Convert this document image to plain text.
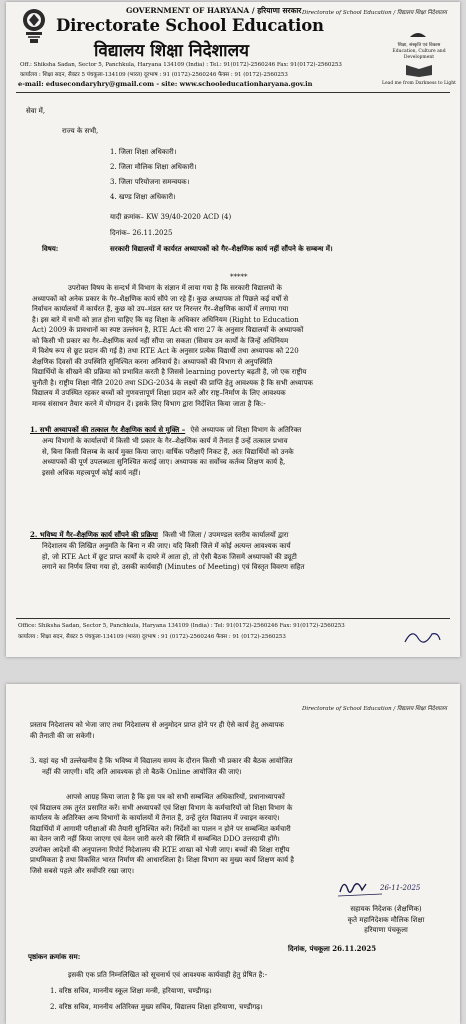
GOVERNMENT OF HARYANA / हरियाणा सरकार Directorate of School Education / विद्यालय शिक्षा निदेशालय
Directorate School Education
विद्यालय शिक्षा निदेशालय	शिक्षा, संस्कृति एवं विकास
Education, Culture and Development
Lead me from Darkness to Light
Off.: Shiksha Sadan, Sector 5, Panchkula, Haryana 134109 (India) : Tel.: 91(0172)-2560246 Fax: 91(0172)-2560253
कार्यालय : शिक्षा सदन, सैक्टर 5 पंचकूला-134109 (भारत) दूरभाष : 91 (0172)-2560246 फैक्स : 91 (0172)-2560253
e-mail: edusecondaryhry@gmail.com - site: www.schooleducationharyana.gov.in
सेवा में,
राज्य के सभी,
1. जिला शिक्षा अधिकारी।
2. जिला मौलिक शिक्षा अधिकारी।
3. जिला परियोजना समन्वयक।
4. खण्ड शिक्षा अधिकारी।
यादी क्रमांक– KW 39/40-2020 ACD (4)
दिनांक– 26.11.2025
विषय:	सरकारी विद्यालयों में कार्यरत अध्यापकों को गैर–शैक्षणिक कार्य नहीं सौंपने के सम्बन्ध में।
*****
उपरोक्त विषय के सन्दर्भ में विभाग के संज्ञान में लाया गया है कि सरकारी विद्यालयों के
अध्यापकों को अनेक प्रकार के गैर–शैक्षणिक कार्य सौंपे जा रहे हैं। कुछ अध्यापक तो पिछले कई वर्षों से
निर्वाचन कार्यालयों में कार्यरत हैं, कुछ को उप–मंडल स्तर पर निरन्तर गैर–शैक्षणिक कार्यों में लगाया गया
है। इस बारे में सभी को ज्ञात होना चाहिए कि यह शिक्षा के अधिकार अधिनियम (Right to Education
Act) 2009 के प्रावधानों का स्पष्ट उल्लंघन है, RTE Act की धारा 27 के अनुसार विद्यालयों के अध्यापकों
को किसी भी प्रकार का गैर–शैक्षणिक कार्य नहीं सौंपा जा सकता (सिवाय उन कार्यों के जिन्हें अधिनियम
में विशेष रूप से छूट प्रदान की गई है) तथा RTE Act के अनुसार प्रत्येक विद्यार्थी तथा अध्यापक को 220
शैक्षणिक दिवसों की उपस्थिति सुनिश्चित करना अनिवार्य है। अध्यापकों की विभाग से अनुपस्थिति
विद्यार्थियों के सीखने की प्रक्रिया को प्रभावित करती है जिससे learning poverty बढ़ती है, जो एक राष्ट्रीय
चुनौती है। राष्ट्रीय शिक्षा नीति 2020 तथा SDG-2034 के लक्ष्यों की प्राप्ति हेतु आवश्यक है कि सभी अध्यापक
विद्यालय में उपस्थित रहकर बच्चों को गुणवत्तापूर्ण शिक्षा प्रदान करें और राष्ट्र–निर्माण के लिए आवश्यक
मानव संसाधन तैयार करने में योगदान दें। इसके लिए विभाग द्वारा निर्देशित किया जाता है कि:-
1. सभी अध्यापकों की तत्काल गैर शैक्षणिक कार्य से मुक्ति – ऐसे अध्यापक जो शिक्षा विभाग के अतिरिक्त
अन्य विभागों के कार्यालयों में किसी भी प्रकार के गैर–शैक्षणिक कार्य में तैनात हैं उन्हें तत्काल प्रभाव
से, बिना किसी विलम्ब के कार्य मुक्त किया जाए। वार्षिक परीक्षाएँ निकट हैं, अतः विद्यार्थियों को उनके
अध्यापकों की पूर्ण उपलब्धता सुनिश्चित कराई जाए। अध्यापक का सर्वोच्च कर्तव्य शिक्षण कार्य है,
इससे अधिक महत्त्वपूर्ण कोई कार्य नहीं।
2. भविष्य में गैर–शैक्षणिक कार्य सौंपने की प्रक्रिया किसी भी जिला / उपमण्डल स्तरीय कार्यालयों द्वारा
निदेशालय की लिखित अनुमति के बिना न की जाए। यदि किसी जिले में कोई अत्यन्त आवश्यक कार्य
हो, जो RTE Act में छूट प्राप्त कार्यों के दायरे में आता हो, तो ऐसी बैठक जिसमें अध्यापकों की ड्यूटी
लगाने का निर्णय लिया गया हो, उसकी कार्यवाही (Minutes of Meeting) एवं विस्तृत विवरण सहित
Office: Shiksha Sadan, Sector 5, Panchkula, Haryana 134109 (India) : Tel: 91(0172)-2560246 Fax: 91(0172)-2560253
कार्यालय : शिक्षा सदन, सैक्टर 5 पंचकूला-134109 (भारत) दूरभाष : 91 (0172)-2560246 फैक्स : 91 (0172)-2560253
Directorate of School Education / विद्यालय शिक्षा निदेशालय
प्रस्ताव निदेशालय को भेजा जाए तथा निदेशालय से अनुमोदन प्राप्त होने पर ही ऐसे कार्य हेतु अध्यापक
की तैनाती की जा सकेगी।
3. यहां यह भी उल्लेखनीय है कि भविष्य में विद्यालय समय के दौरान किसी भी प्रकार की बैठक आयोजित
नहीं की जाएगी। यदि अति आवश्यक हो तो बैठकें Online आयोजित की जाएं।
आपसे आग्रह किया जाता है कि इस पत्र को सभी सम्बन्धित अधिकारियों, प्रधानाध्यापकों
एवं विद्यालय तक तुरंत प्रसारित करें। सभी अध्यापकों एवं शिक्षा विभाग के कर्मचारियों जो शिक्षा विभाग के
कार्यालय के अतिरिक्त अन्य विभागों के कार्यालयों में तैनात हैं, उन्हें तुरंत विद्यालय में ज्वाइन करवाएं।
विद्यार्थियों में आगामी परीक्षाओं की तैयारी सुनिश्चित करें। निर्देशों का पालन न होने पर सम्बन्धित कर्मचारी
का वेतन जारी नहीं किया जाएगा एवं वेतन जारी करने की स्थिति में सम्बन्धित DDO उत्तरदायी होंगे।
उपरोक्त आदेशों की अनुपालना रिपोर्ट निदेशालय की RTE शाखा को भेजी जाए। बच्चों की शिक्षा राष्ट्रीय
प्राथमिकता है तथा विकसित भारत निर्माण की आधारशिला है। शिक्षा विभाग का मुख्य कार्य शिक्षण कार्य है
जिसे सबसे पहले और सर्वोपरि रखा जाए।
26-11-2025
सहायक निदेशक (शैक्षणिक)
कृते महानिदेशक मौलिक शिक्षा
हरियाणा पंचकूला
पृष्ठांकन क्रमांक सम:
दिनांक, पंचकूला 26.11.2025
इसकी एक प्रति निम्नलिखित को सूचनार्थ एवं आवश्यक कार्यवाही हेतु प्रेषित है:-
1. वरिष्ठ सचिव, माननीय स्कूल शिक्षा मन्त्री, हरियाणा, चण्डीगढ़।
2. वरिष्ठ सचिव, माननीय अतिरिक्त मुख्य सचिव, विद्यालय शिक्षा हरियाणा, चण्डीगढ़।
